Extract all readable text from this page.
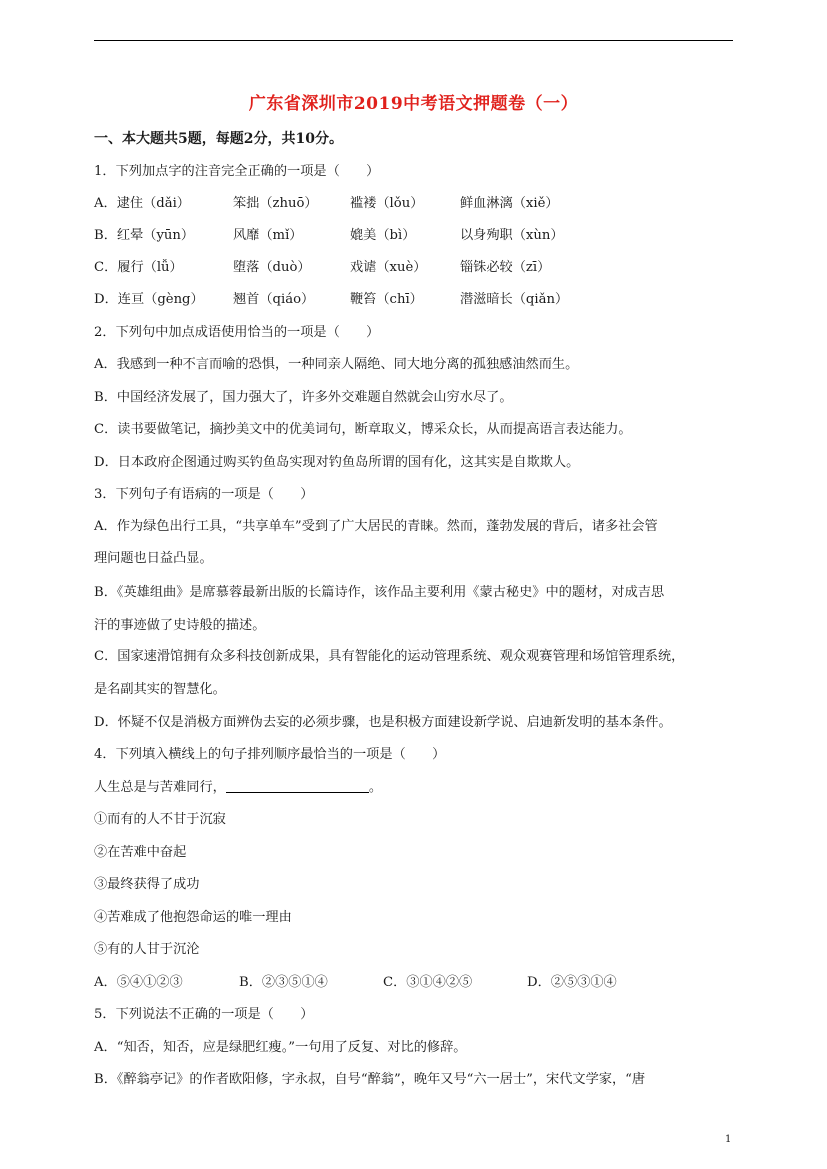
广东省深圳市2019中考语文押题卷（一）
一、本大题共5题，每题2分，共10分。
1．下列加点字的注音完全正确的一项是（　　）
A．逮住（dǎi）	笨拙（zhuō） 褴褛（lǒu）	鲜血淋漓（xiě）
B．红晕（yūn）	风靡（mǐ）	媲美（bì）	以身殉职（xùn）
C．履行（lǚ）	堕落（duò）	戏谑（xuè）	锱铢必较（zī）
D．连亘（gèng） 翘首（qiáo）	鞭笞（chī）	潜滋暗长（qiǎn）
2．下列句中加点成语使用恰当的一项是（　　）
A．我感到一种不言而喻的恐惧，一种同亲人隔绝、同大地分离的孤独感油然而生。
B．中国经济发展了，国力强大了，许多外交难题自然就会山穷水尽了。
C．读书要做笔记，摘抄美文中的优美词句，断章取义，博采众长，从而提高语言表达能力。
D．日本政府企图通过购买钓鱼岛实现对钓鱼岛所谓的国有化，这其实是自欺欺人。
3．下列句子有语病的一项是（　　）
A．作为绿色出行工具，“共享单车”受到了广大居民的青睐。然而，蓬勃发展的背后，诸多社会管
理问题也日益凸显。
B．《英雄组曲》是席慕蓉最新出版的长篇诗作，该作品主要利用《蒙古秘史》中的题材，对成吉思
汗的事迹做了史诗般的描述。
C．国家速滑馆拥有众多科技创新成果，具有智能化的运动管理系统、观众观赛管理和场馆管理系统，
是名副其实的智慧化。
D．怀疑不仅是消极方面辨伪去妄的必须步骤，也是积极方面建设新学说、启迪新发明的基本条件。
4．下列填入横线上的句子排列顺序最恰当的一项是（　　）
人生总是与苦难同行，	。
①而有的人不甘于沉寂
②在苦难中奋起
③最终获得了成功
④苦难成了他抱怨命运的唯一理由
⑤有的人甘于沉沦
A．⑤④①②③	B．②③⑤①④	C．③①④②⑤	D．②⑤③①④
5．下列说法不正确的一项是（　　）
A．“知否，知否，应是绿肥红瘦。”一句用了反复、对比的修辞。
B．《醉翁亭记》的作者欧阳修，字永叔，自号“醉翁”，晚年又号“六一居士”，宋代文学家，“唐
1
